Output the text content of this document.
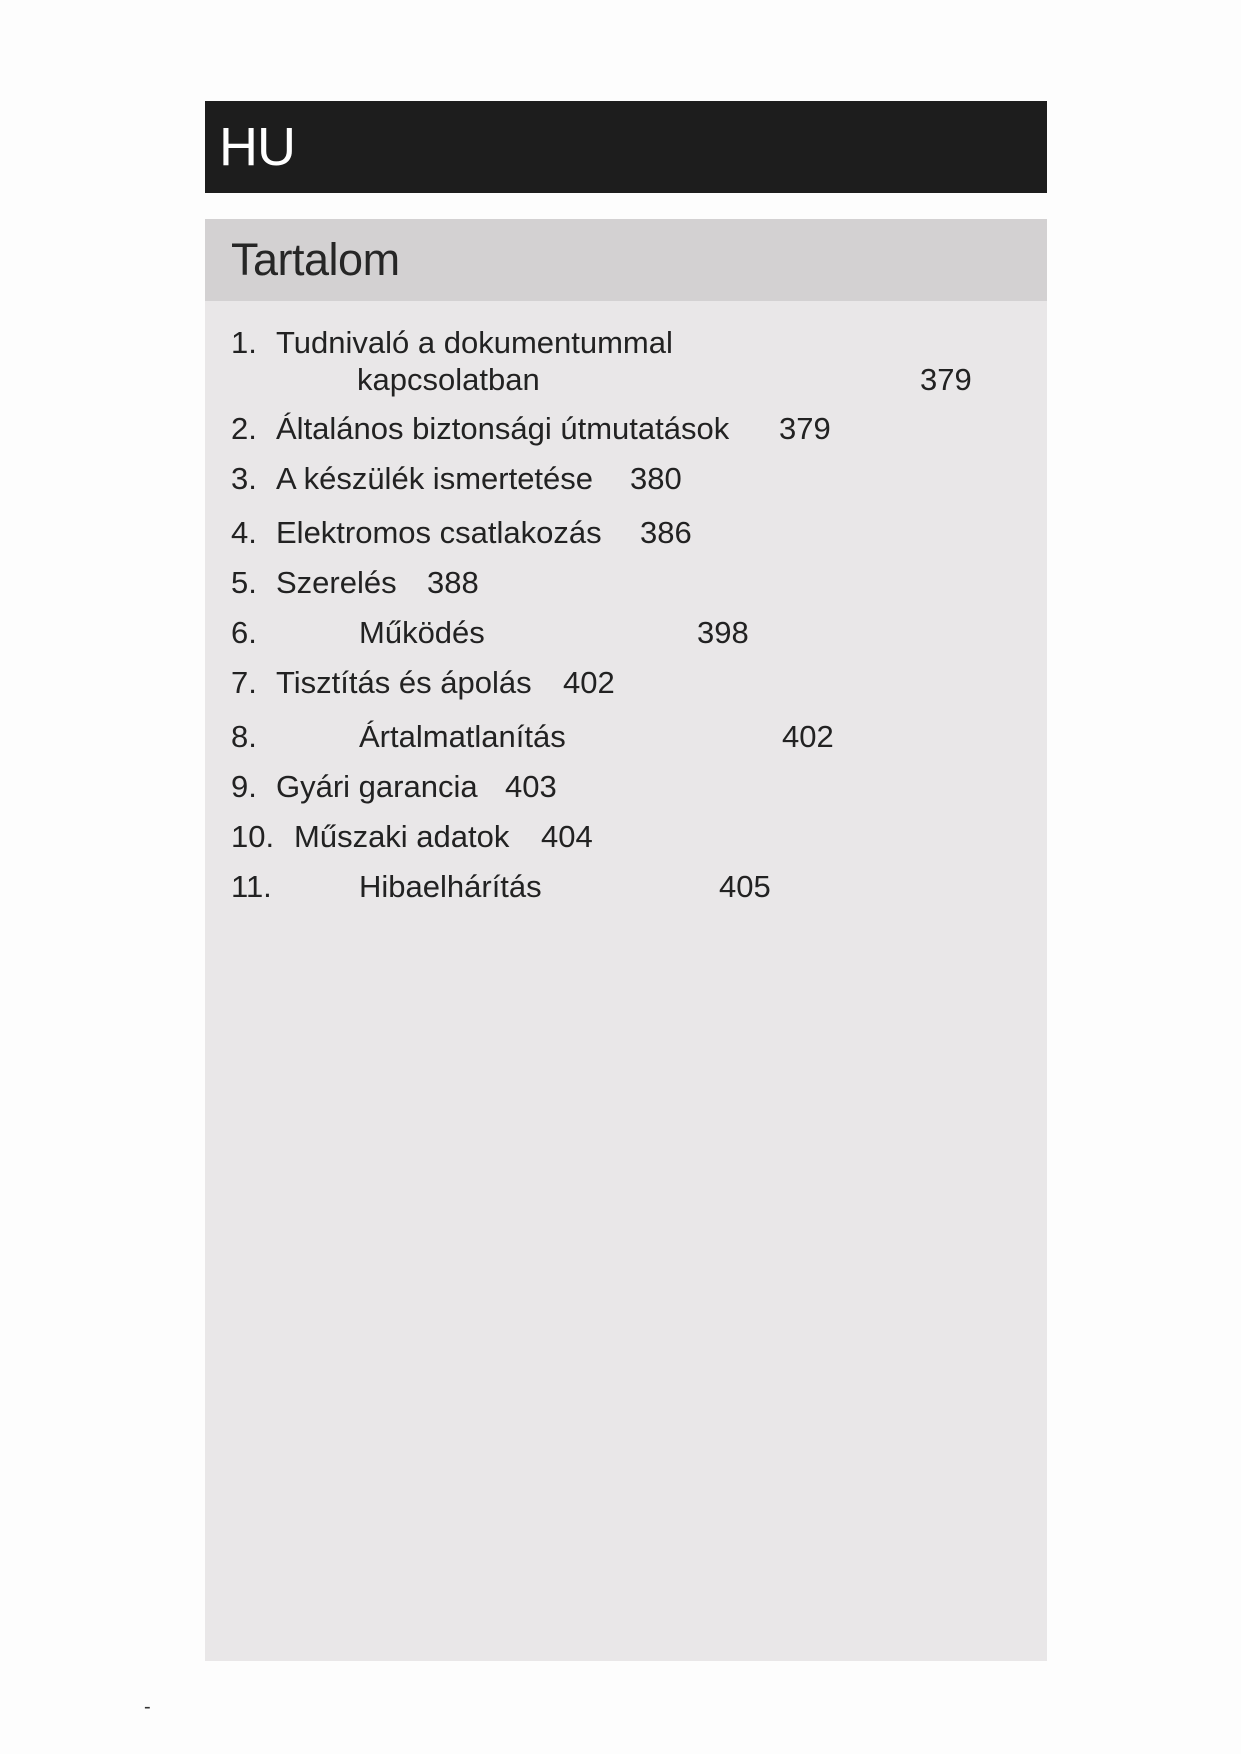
HU
Tartalom
1. Tudnivaló a dokumentummal
kapcsolatban	379
2. Általános biztonsági útmutatások 379
3. A készülék ismertetése 380
4. Elektromos csatlakozás 386
5. Szerelés 388
6.	Működés	398
7. Tisztítás és ápolás 402
8.	Ártalmatlanítás	402
9. Gyári garancia 403
10. Műszaki adatok 404
11.	Hibaelhárítás	405
-
